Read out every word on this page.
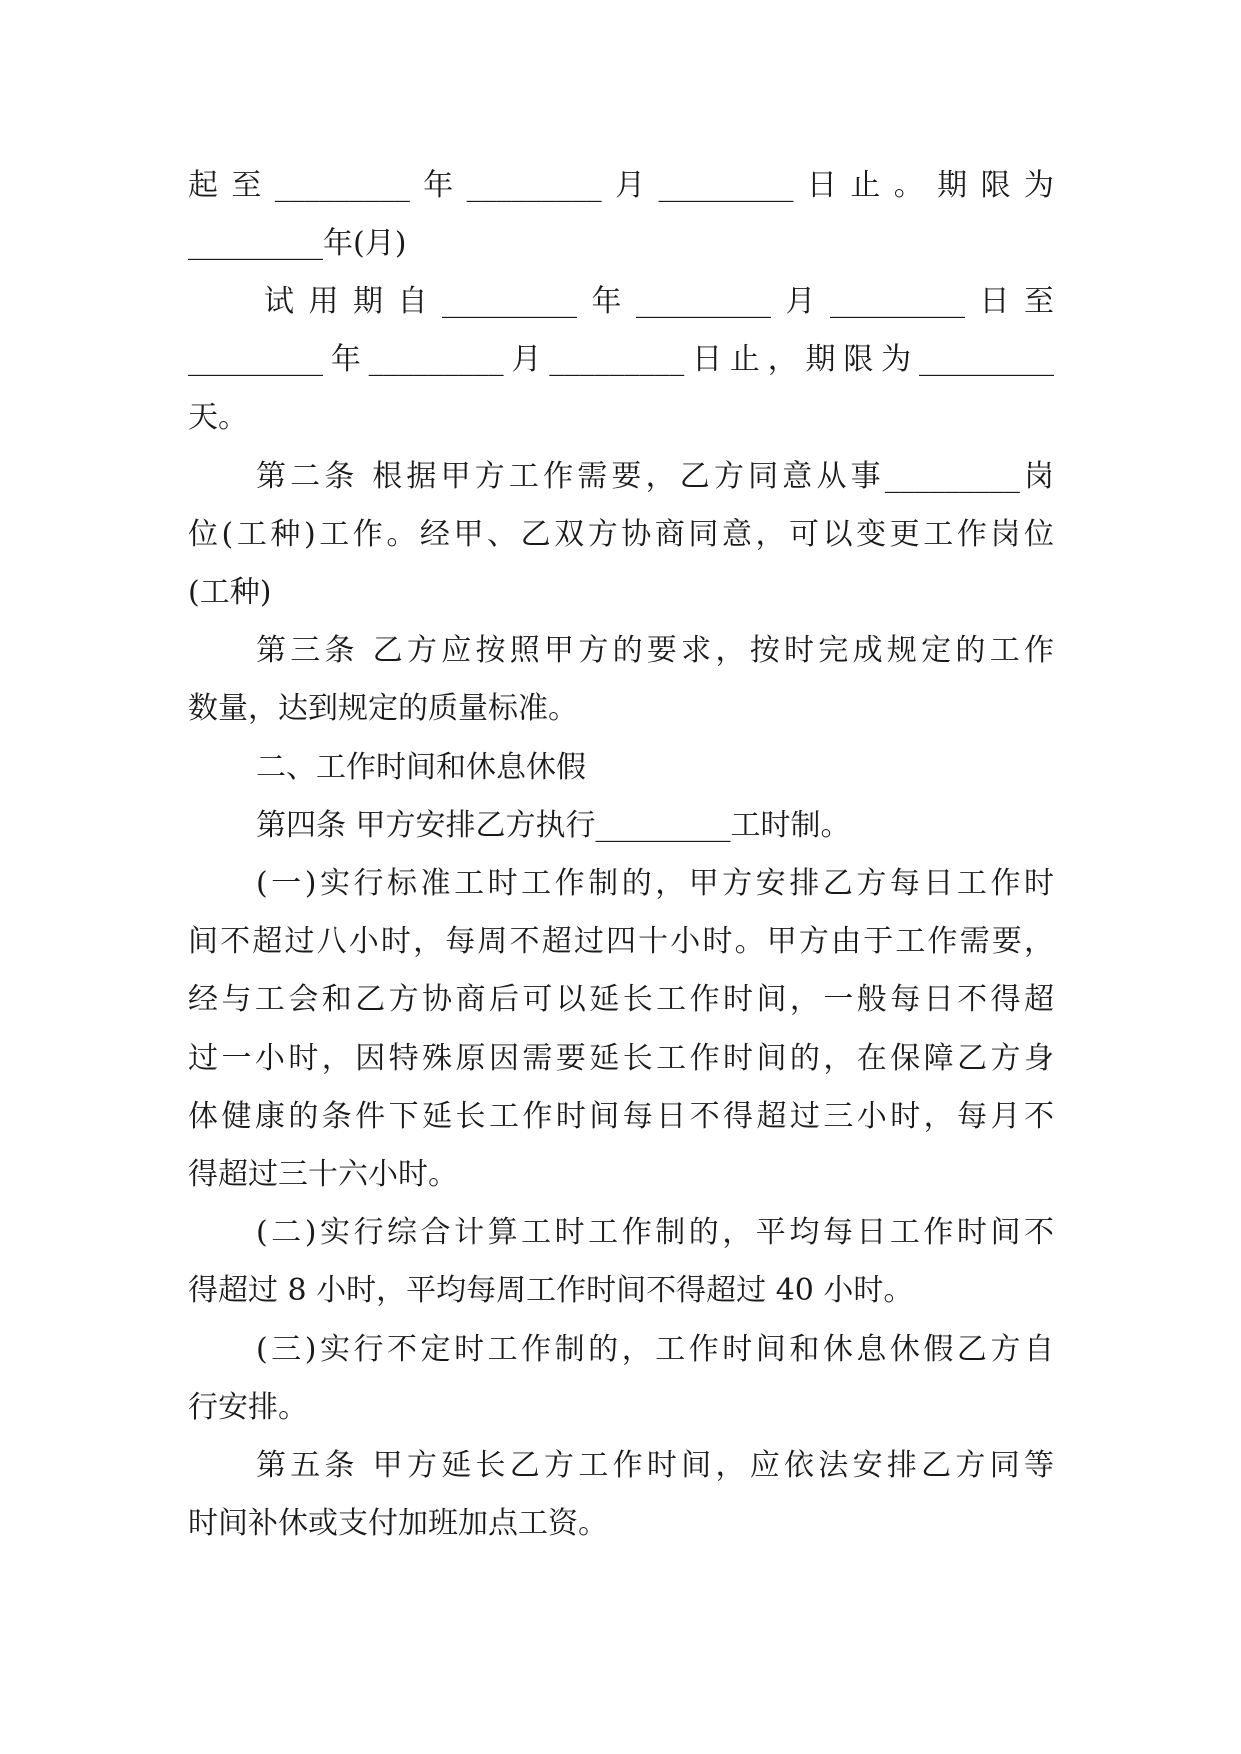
起至_________年_________月_________日止。期限为
_________年(月)
试用期自_________年_________月_________日至
_________年_________月_________日止，期限为_________
天。
第二条 根据甲方工作需要，乙方同意从事_________岗
位(工种)工作。经甲、乙双方协商同意，可以变更工作岗位
(工种)
第三条 乙方应按照甲方的要求，按时完成规定的工作
数量，达到规定的质量标准。
二、工作时间和休息休假
第四条 甲方安排乙方执行_________工时制。
(一)实行标准工时工作制的，甲方安排乙方每日工作时
间不超过八小时，每周不超过四十小时。甲方由于工作需要，
经与工会和乙方协商后可以延长工作时间，一般每日不得超
过一小时，因特殊原因需要延长工作时间的，在保障乙方身
体健康的条件下延长工作时间每日不得超过三小时，每月不
得超过三十六小时。
(二)实行综合计算工时工作制的，平均每日工作时间不
得超过 8 小时，平均每周工作时间不得超过 40 小时。
(三)实行不定时工作制的，工作时间和休息休假乙方自
行安排。
第五条 甲方延长乙方工作时间，应依法安排乙方同等
时间补休或支付加班加点工资。
